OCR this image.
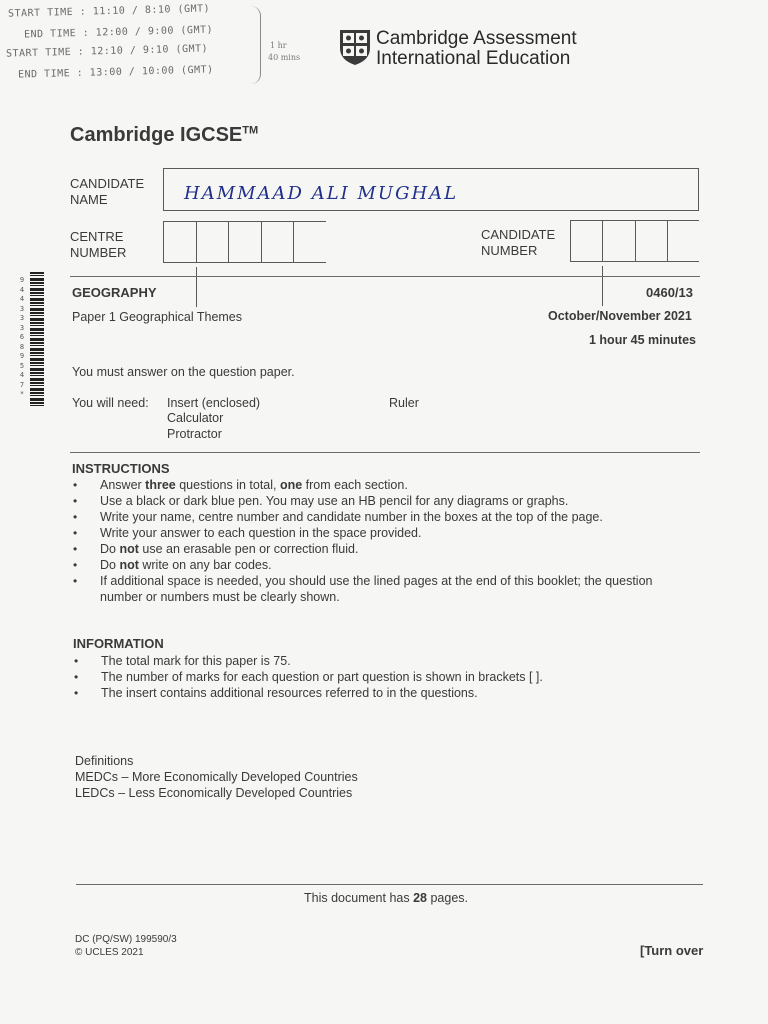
START TIME : 11:10 / 8:10 (GMT)
END TIME : 12:00 / 9:00 (GMT)
START TIME : 12:10 / 9:10 (GMT)
END TIME : 13:00 / 10:00 (GMT)
1 hr
40 mins
Cambridge Assessment
International Education
Cambridge IGCSE™
CANDIDATE
NAME	HAMMAAD ALI MUGHAL
CENTRE
NUMBER
CANDIDATE
NUMBER
9 4 4 3 3 3 6 8 9 5 4 7 *
GEOGRAPHY	0460/13
Paper 1 Geographical Themes	October/November 2021
1 hour 45 minutes
You must answer on the question paper.
You will need: Insert (enclosed)
Calculator
Protractor
Ruler
INSTRUCTIONS
• Answer three questions in total, one from each section.
• Use a black or dark blue pen. You may use an HB pencil for any diagrams or graphs.
• Write your name, centre number and candidate number in the boxes at the top of the page.
• Write your answer to each question in the space provided.
• Do not use an erasable pen or correction fluid.
• Do not write on any bar codes.
• If additional space is needed, you should use the lined pages at the end of this booklet; the question number or numbers must be clearly shown.
INFORMATION
• The total mark for this paper is 75.
• The number of marks for each question or part question is shown in brackets [ ].
• The insert contains additional resources referred to in the questions.
Definitions
MEDCs – More Economically Developed Countries
LEDCs – Less Economically Developed Countries
This document has 28 pages.
DC (PQ/SW) 199590/3
© UCLES 2021	[Turn over
